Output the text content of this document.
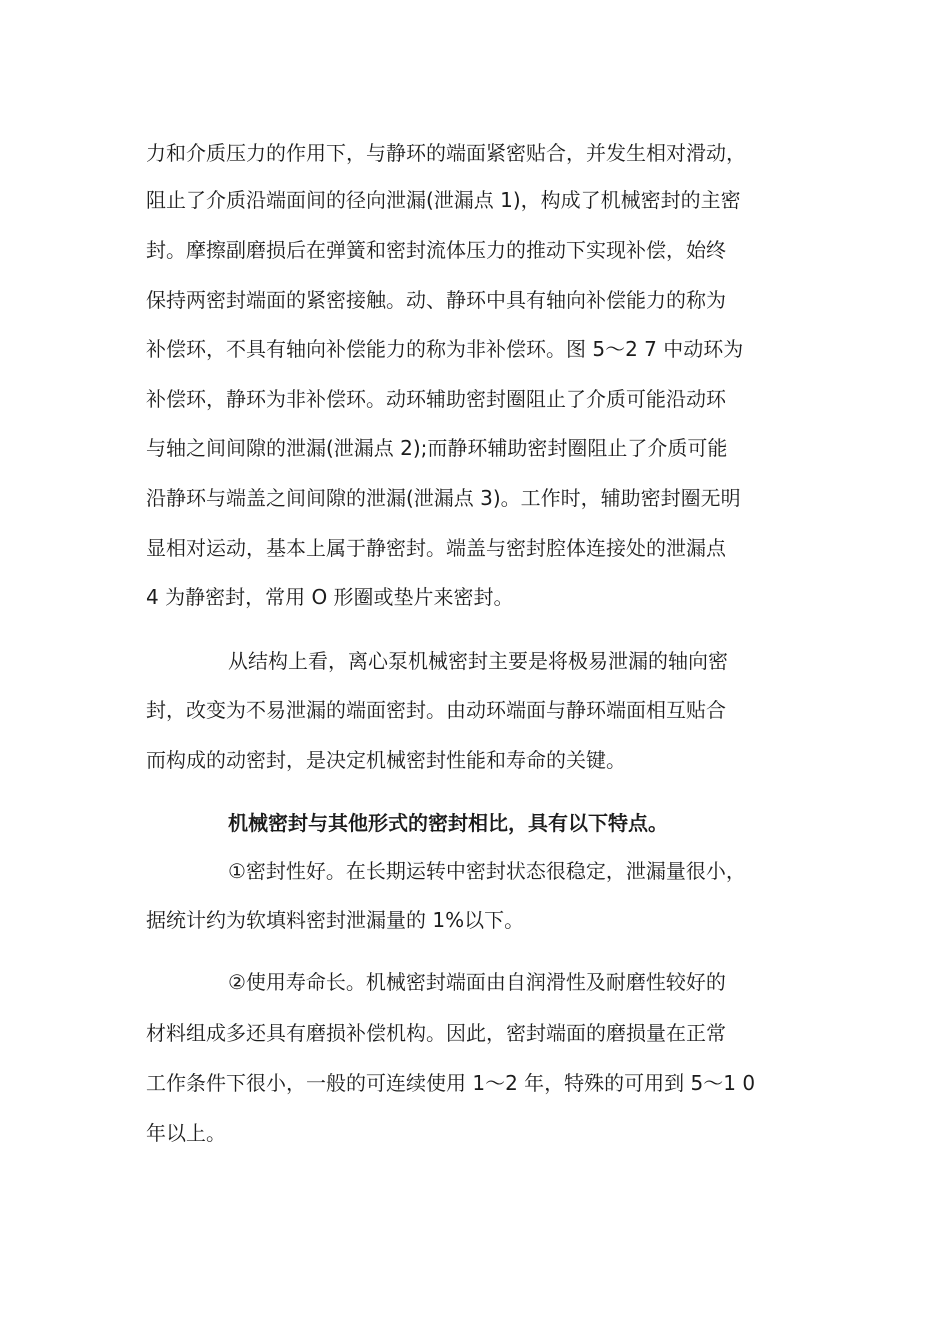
力和介质压力的作用下，与静环的端面紧密贴合，并发生相对滑动，
阻止了介质沿端面间的径向泄漏(泄漏点 1)，构成了机械密封的主密
封。摩擦副磨损后在弹簧和密封流体压力的推动下实现补偿，始终
保持两密封端面的紧密接触。动、静环中具有轴向补偿能力的称为
补偿环，不具有轴向补偿能力的称为非补偿环。图 5～2 7 中动环为
补偿环，静环为非补偿环。动环辅助密封圈阻止了介质可能沿动环
与轴之间间隙的泄漏(泄漏点 2);而静环辅助密封圈阻止了介质可能
沿静环与端盖之间间隙的泄漏(泄漏点 3)。工作时，辅助密封圈无明
显相对运动，基本上属于静密封。端盖与密封腔体连接处的泄漏点
4 为静密封，常用 O 形圈或垫片来密封。
从结构上看，离心泵机械密封主要是将极易泄漏的轴向密
封，改变为不易泄漏的端面密封。由动环端面与静环端面相互贴合
而构成的动密封，是决定机械密封性能和寿命的关键。
机械密封与其他形式的密封相比，具有以下特点。
①密封性好。在长期运转中密封状态很稳定，泄漏量很小，
据统计约为软填料密封泄漏量的 1%以下。
②使用寿命长。机械密封端面由自润滑性及耐磨性较好的
材料组成多还具有磨损补偿机构。因此，密封端面的磨损量在正常
工作条件下很小，一般的可连续使用 1～2 年，特殊的可用到 5～1 0
年以上。
